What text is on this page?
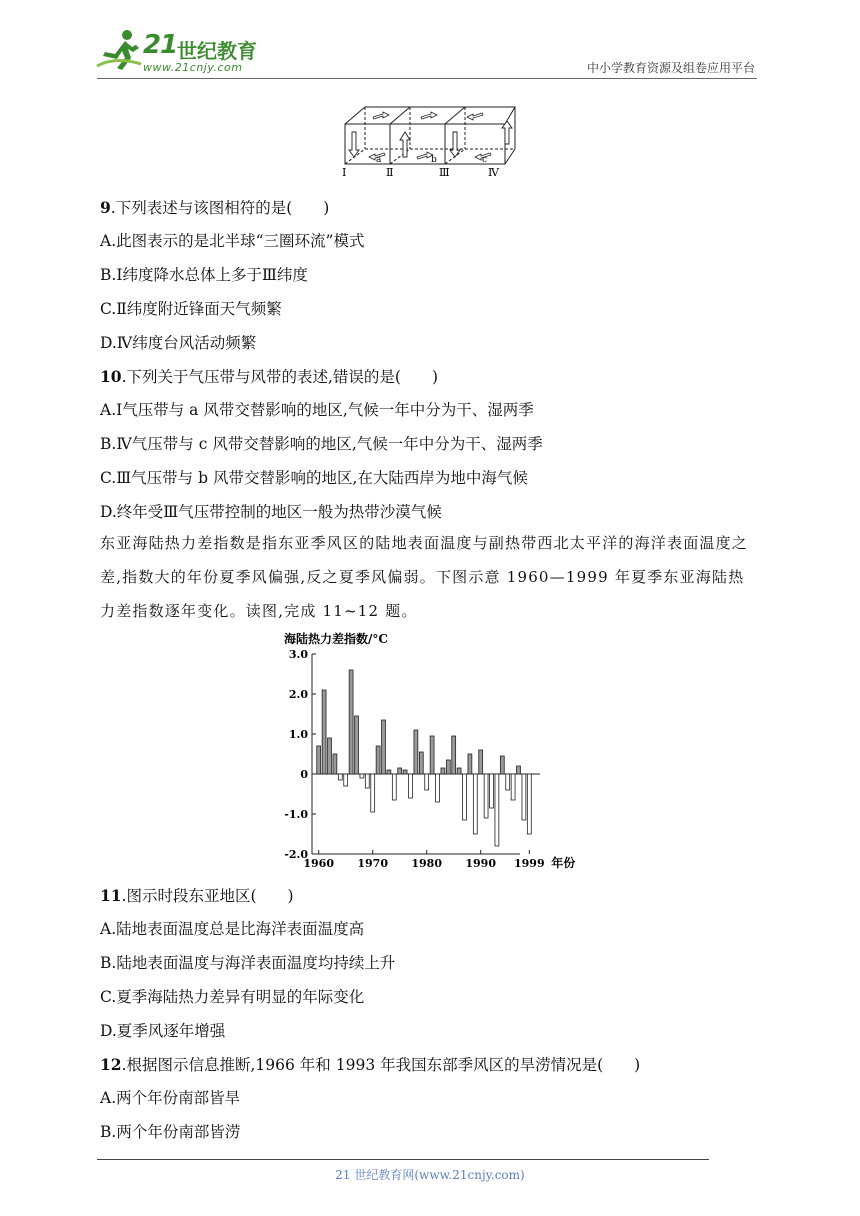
21 世纪教育
www.21cnjy.com	中小学教育资源及组卷应用平台
a	b	c
Ⅰ	Ⅱ	Ⅲ	Ⅳ
9.下列表述与该图相符的是(　　)
A.此图表示的是北半球“三圈环流”模式
B.Ⅰ纬度降水总体上多于Ⅲ纬度
C.Ⅱ纬度附近锋面天气频繁
D.Ⅳ纬度台风活动频繁
10.下列关于气压带与风带的表述,错误的是(　　)
A.Ⅰ气压带与 a 风带交替影响的地区,气候一年中分为干、湿两季
B.Ⅳ气压带与 c 风带交替影响的地区,气候一年中分为干、湿两季
C.Ⅲ气压带与 b 风带交替影响的地区,在大陆西岸为地中海气候
D.终年受Ⅲ气压带控制的地区一般为热带沙漠气候
东亚海陆热力差指数是指东亚季风区的陆地表面温度与副热带西北太平洋的海洋表面温度之差,指数大的年份夏季风偏强,反之夏季风偏弱。下图示意 1960—1999 年夏季东亚海陆热力差指数逐年变化。读图,完成 11~12 题。
海陆热力差指数/°C
3.0
2.0
1.0
0
-1.0
-2.0
1960 1970 1980 1990 1999 年份
11.图示时段东亚地区(　　)
A.陆地表面温度总是比海洋表面温度高
B.陆地表面温度与海洋表面温度均持续上升
C.夏季海陆热力差异有明显的年际变化
D.夏季风逐年增强
12.根据图示信息推断,1966 年和 1993 年我国东部季风区的旱涝情况是(　　)
A.两个年份南部皆旱
B.两个年份南部皆涝
21 世纪教育网(www.21cnjy.com)
